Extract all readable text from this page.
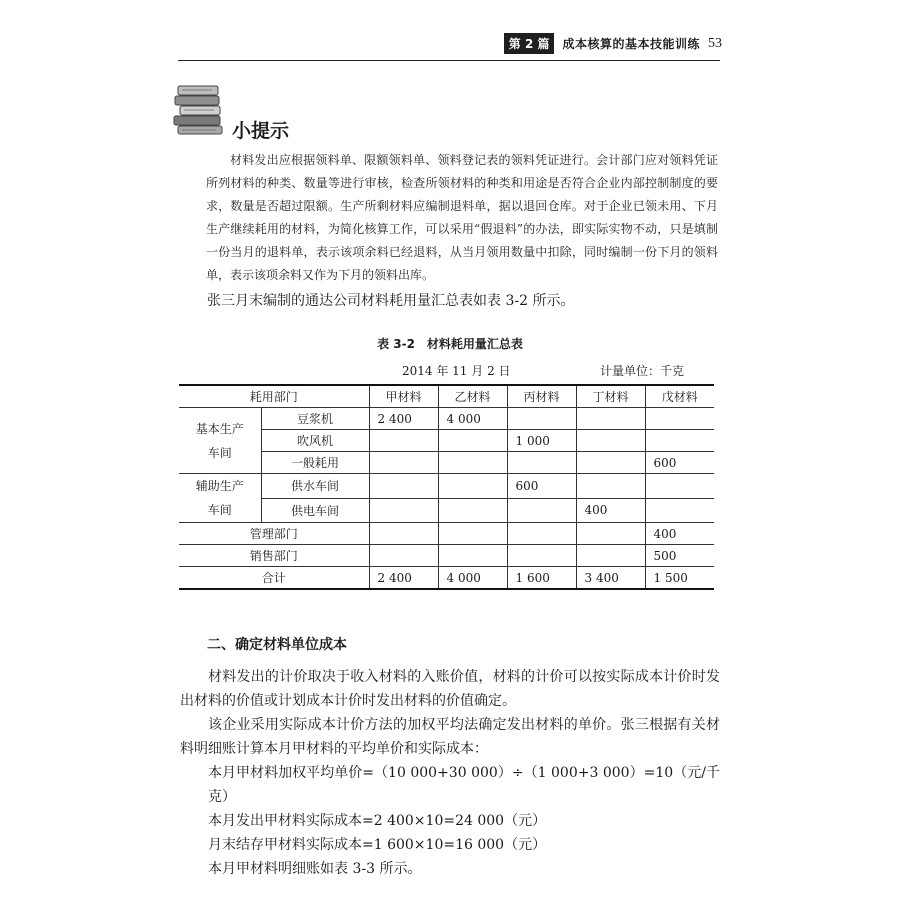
第 2 篇	成本核算的基本技能训练 53
小提示
材料发出应根据领料单、限额领料单、领料登记表的领料凭证进行。会计部门应对领料凭证所列材料的种类、数量等进行审核，检查所领材料的种类和用途是否符合企业内部控制制度的要求，数量是否超过限额。生产所剩材料应编制退料单，据以退回仓库。对于企业已领未用、下月生产继续耗用的材料，为简化核算工作，可以采用“假退料”的办法，即实际实物不动，只是填制一份当月的退料单，表示该项余料已经退料，从当月领用数量中扣除，同时编制一份下月的领料单，表示该项余料又作为下月的领料出库。
张三月末编制的通达公司材料耗用量汇总表如表 3-2 所示。
表 3-2　材料耗用量汇总表
2014 年 11 月 2 日	计量单位：千克
耗用部门		甲材料	乙材料	丙材料	丁材料	戊材料
基本生产车间	豆浆机	2 400	4 000			
	吹风机			1 000		
	一般耗用					600
辅助生产车间	供水车间			600		
	供电车间				400	
管理部门						400
销售部门						500
合计		2 400	4 000	1 600	3 400	1 500
二、确定材料单位成本

材料发出的计价取决于收入材料的入账价值，材料的计价可以按实际成本计价时发出材料的价值或计划成本计价时发出材料的价值确定。

该企业采用实际成本计价方法的加权平均法确定发出材料的单价。张三根据有关材料明细账计算本月甲材料的平均单价和实际成本：

本月甲材料加权平均单价=（10 000+30 000）÷（1 000+3 000）=10（元/千克）

本月发出甲材料实际成本=2 400×10=24 000（元）

月末结存甲材料实际成本=1 600×10=16 000（元）

本月甲材料明细账如表 3-3 所示。
